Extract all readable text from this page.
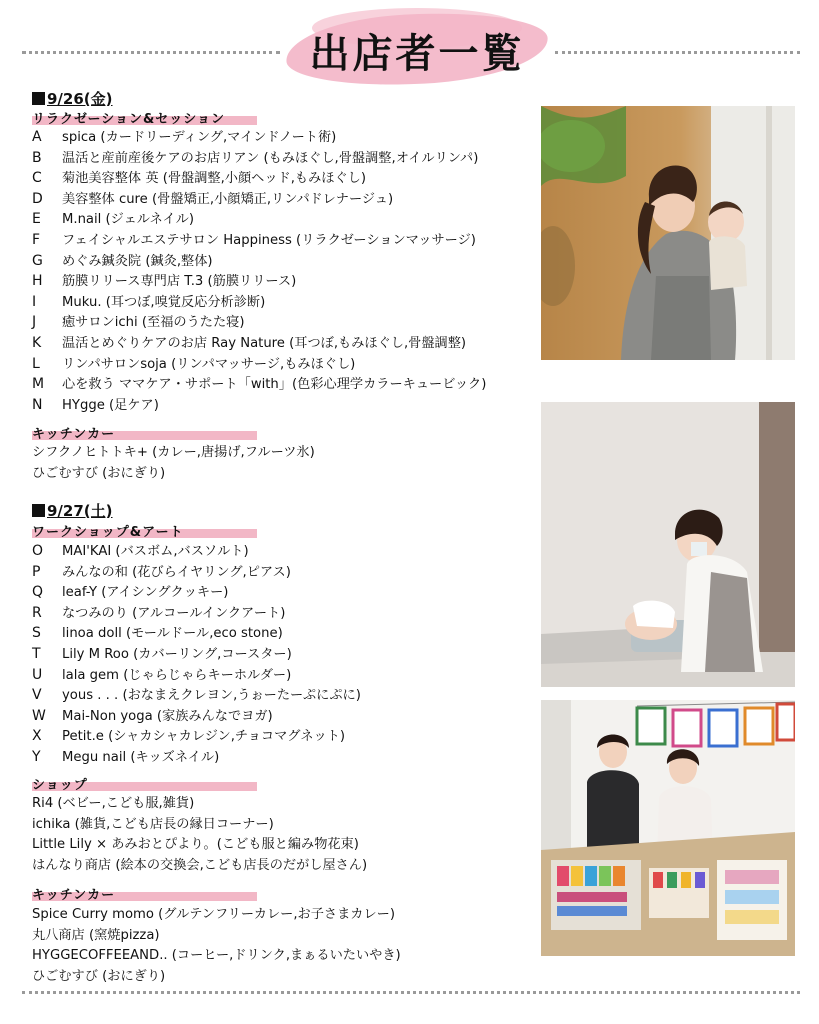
出店者一覧
9/26(金)
リラクゼーション&セッション
A spica (カードリーディング,マインドノート術)
B 温活と産前産後ケアのお店リアン (もみほぐし,骨盤調整,オイルリンパ)
C 菊池美容整体 英 (骨盤調整,小顔ヘッド,もみほぐし)
D 美容整体 cure (骨盤矯正,小顔矯正,リンパドレナージュ)
E M.nail (ジェルネイル)
F フェイシャルエステサロン Happiness (リラクゼーションマッサージ)
G めぐみ鍼灸院 (鍼灸,整体)
H 筋膜リリース専門店 T.3 (筋膜リリース)
I Muku. (耳つぼ,嗅覚反応分析診断)
J 癒サロンichi (至福のうたた寝)
K 温活とめぐりケアのお店 Ray Nature (耳つぼ,もみほぐし,骨盤調整)
L リンパサロンsoja (リンパマッサージ,もみほぐし)
M 心を救う ママケア・サポート「with」(色彩心理学カラーキュービック)
N HYgge (足ケア)
キッチンカー
シフクノヒトトキ+ (カレー,唐揚げ,フルーツ氷)
ひごむすび (おにぎり)
9/27(土)
ワークショップ&アート
O MAI'KAI (バスボム,バスソルト)
P みんなの和 (花びらイヤリング,ピアス)
Q leaf-Y (アイシングクッキー)
R なつみのり (アルコールインクアート)
S linoa doll (モールドール,eco stone)
T Lily M Roo (カバーリング,コースター)
U lala gem (じゃらじゃらキーホルダー)
V yous . . . (おなまえクレヨン,うぉーたーぷにぷに)
W Mai-Non yoga (家族みんなでヨガ)
X Petit.e (シャカシャカレジン,チョコマグネット)
Y Megu nail (キッズネイル)
ショップ
Ri4 (ベビー,こども服,雑貨)
ichika (雑貨,こども店長の縁日コーナー)
Little Lily × あみおとぴより。(こども服と編み物花束)
はんなり商店 (絵本の交換会,こども店長のだがし屋さん)
キッチンカー
Spice Curry momo (グルテンフリーカレー,お子さまカレー)
丸八商店 (窯焼pizza)
HYGGECOFFEEAND.. (コーヒー,ドリンク,まぁるいたいやき)
ひごむすび (おにぎり)
